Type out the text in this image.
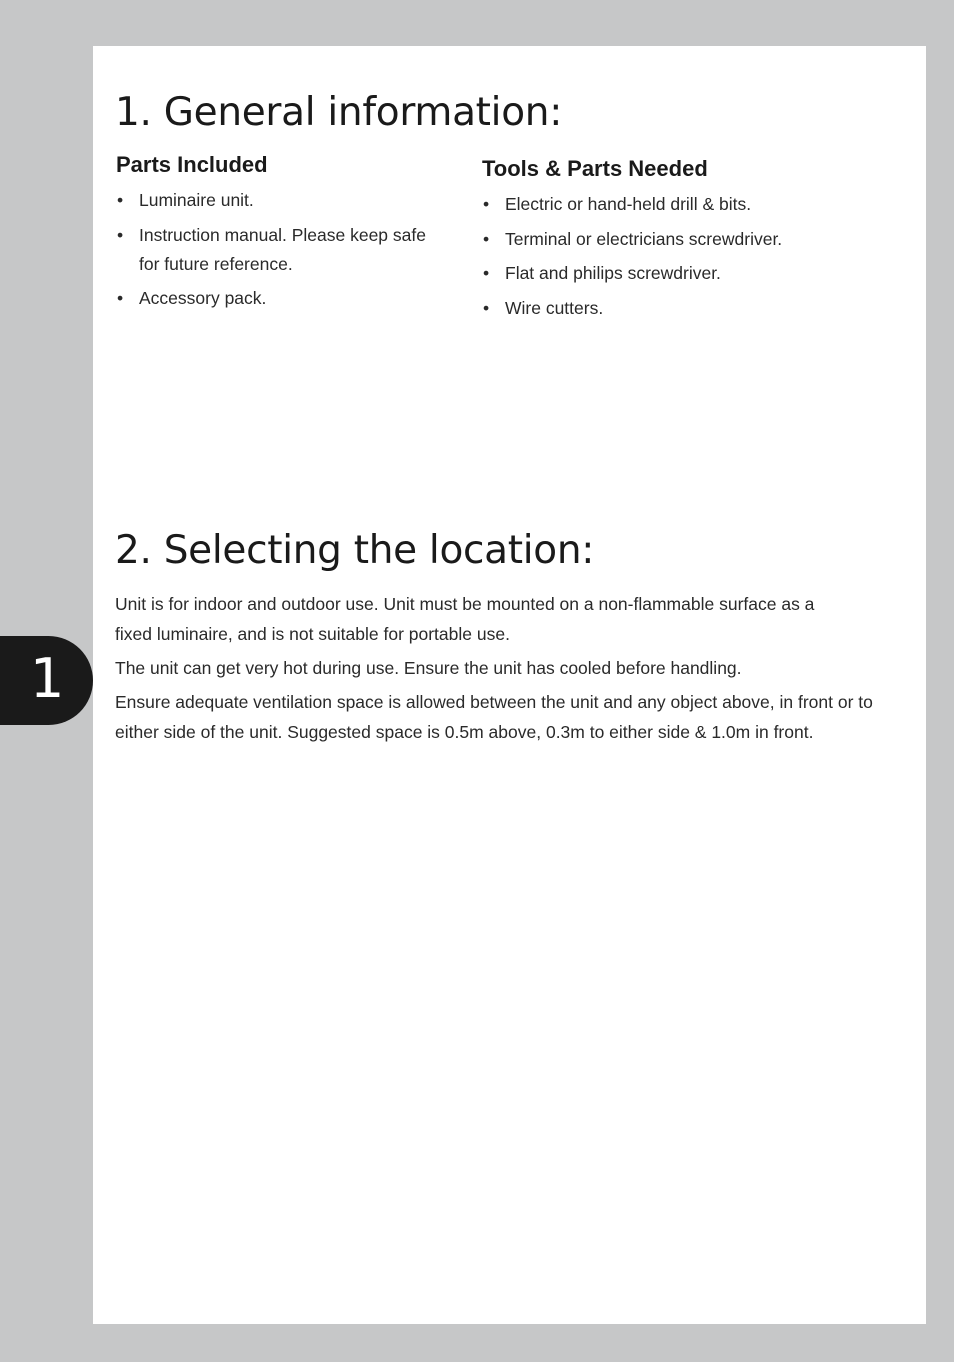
1
1. General information:
Parts Included
• Luminaire unit.
• Instruction manual. Please keep safe for future reference.
• Accessory pack.
Tools & Parts Needed
• Electric or hand-held drill & bits.
• Terminal or electricians screwdriver.
• Flat and philips screwdriver.
• Wire cutters.
2. Selecting the location:

Unit is for indoor and outdoor use. Unit must be mounted on a non-flammable surface as a fixed luminaire, and is not suitable for portable use.

The unit can get very hot during use. Ensure the unit has cooled before handling.

Ensure adequate ventilation space is allowed between the unit and any object above, in front or to either side of the unit. Suggested space is 0.5m above, 0.3m to either side & 1.0m in front.
